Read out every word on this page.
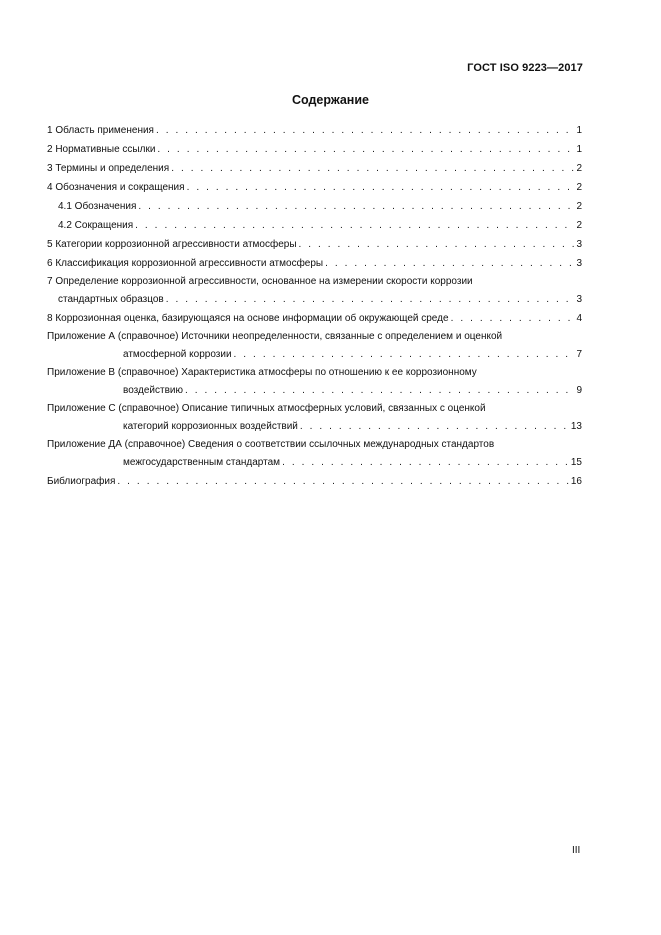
ГОСТ ISO 9223—2017
Содержание
1 Область применения . . .	1
2 Нормативные ссылки . . .	1
3 Термины и определения . . .	2
4 Обозначения и сокращения . . .	2
4.1 Обозначения . . .	2
4.2 Сокращения . . .	2
5 Категории коррозионной агрессивности атмосферы . . .	3
6 Классификация коррозионной агрессивности атмосферы . . .	3
7 Определение коррозионной агрессивности, основанное на измерении скорости коррозии
стандартных образцов . . .	3
8 Коррозионная оценка, базирующаяся на основе информации об окружающей среде . . .	4
Приложение А (справочное) Источники неопределенности, связанные с определением и оценкой
атмосферной коррозии . . .	7
Приложение В (справочное) Характеристика атмосферы по отношению к ее коррозионному
воздействию . . .	9
Приложение С (справочное) Описание типичных атмосферных условий, связанных с оценкой
категорий коррозионных воздействий . . .	13
Приложение ДА (справочное) Сведения о соответствии ссылочных международных стандартов
межгосударственным стандартам . . .	15
Библиография . . .	16
III
